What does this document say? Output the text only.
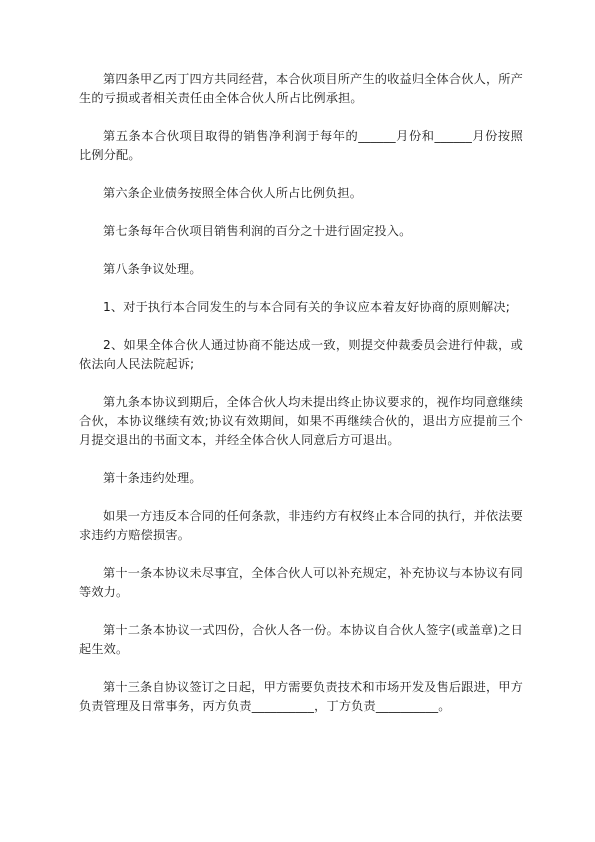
第四条甲乙丙丁四方共同经营，本合伙项目所产生的收益归全体合伙人，所产生的亏损或者相关责任由全体合伙人所占比例承担。

第五条本合伙项目取得的销售净利润于每年的______月份和______月份按照比例分配。

第六条企业债务按照全体合伙人所占比例负担。

第七条每年合伙项目销售利润的百分之十进行固定投入。

第八条争议处理。

1、对于执行本合同发生的与本合同有关的争议应本着友好协商的原则解决;

2、如果全体合伙人通过协商不能达成一致，则提交仲裁委员会进行仲裁，或依法向人民法院起诉;

第九条本协议到期后，全体合伙人均未提出终止协议要求的，视作均同意继续合伙，本协议继续有效;协议有效期间，如果不再继续合伙的，退出方应提前三个月提交退出的书面文本，并经全体合伙人同意后方可退出。

第十条违约处理。

如果一方违反本合同的任何条款，非违约方有权终止本合同的执行，并依法要求违约方赔偿损害。

第十一条本协议未尽事宜，全体合伙人可以补充规定，补充协议与本协议有同等效力。

第十二条本协议一式四份，合伙人各一份。本协议自合伙人签字(或盖章)之日起生效。

第十三条自协议签订之日起，甲方需要负责技术和市场开发及售后跟进，甲方负责管理及日常事务，丙方负责__________，丁方负责__________。
